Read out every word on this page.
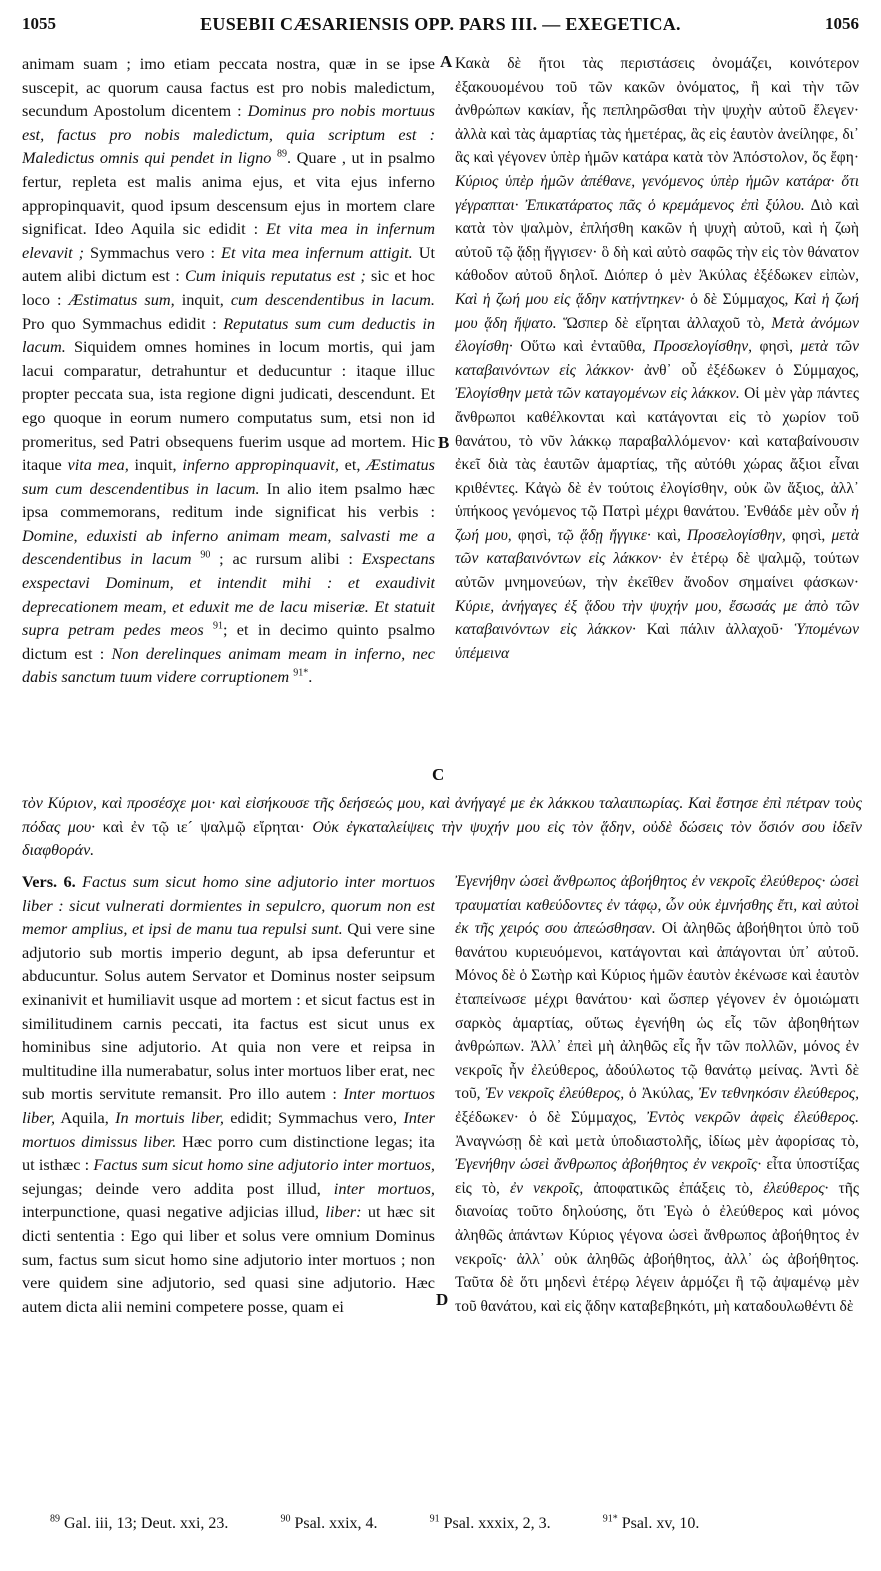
1055	EUSEBII CÆSARIENSIS OPP. PARS III. — EXEGETICA.	1056
A
B
C
D
animam suam ; imo etiam peccata nostra, quæ in se ipse suscepit, ac quorum causa factus est pro nobis maledictum, secundum Apostolum dicentem : Dominus pro nobis mortuus est, factus pro nobis maledictum, quia scriptum est : Maledictus omnis qui pendet in ligno $^{89}$. Quare , ut in psalmo fertur, repleta est malis anima ejus, et vita ejus inferno appropinquavit, quod ipsum descensum ejus in mortem clare significat. Ideo Aquila sic edidit : Et vita mea in infernum elevavit ; Symmachus vero : Et vita mea infernum attigit. Ut autem alibi dictum est : Cum iniquis reputatus est ; sic et hoc loco : Æstimatus sum, inquit, cum descendentibus in lacum. Pro quo Symmachus edidit : Reputatus sum cum deductis in lacum. Siquidem omnes homines in locum mortis, qui jam lacui comparatur, detrahuntur et deducuntur : itaque illuc propter peccata sua, ista regione digni judicati, descendunt. Et ego quoque in eorum numero computatus sum, etsi non id promeritus, sed Patri obsequens fuerim usque ad mortem. Hic itaque vita mea, inquit, inferno appropinquavit, et, Æstimatus sum cum descendentibus in lacum. In alio item psalmo hæc ipsa commemorans, reditum inde significat his verbis : Domine, eduxisti ab inferno animam meam, salvasti me a descendentibus in lacum $^{90}$ ; ac rursum alibi : Exspectans exspectavi Dominum, et intendit mihi : et exaudivit deprecationem meam, et eduxit me de lacu miseriæ. Et statuit supra petram pedes meos $^{91}$; et in decimo quinto psalmo dictum est : Non derelinques animam meam in inferno, nec dabis sanctum tuum videre corruptionem $^{91*}$.
Κακὰ δὲ ἤτοι τὰς περιστάσεις ὀνομάζει, κοινότερον ἐξακουομένου τοῦ τῶν κακῶν ὀνόματος, ἢ καὶ τὴν τῶν ἀνθρώπων κακίαν, ἧς πεπληρῶσθαι τὴν ψυχὴν αὐτοῦ ἔλεγεν· ἀλλὰ καὶ τὰς ἁμαρτίας τὰς ἡμετέρας, ἃς εἰς ἑαυτὸν ἀνείληφε, δι᾽ ἃς καὶ γέγονεν ὑπὲρ ἡμῶν κατάρα κατὰ τὸν Ἀπόστολον, ὅς ἔφη· Κύριος ὑπὲρ ἡμῶν ἀπέθανε, γενόμενος ὑπὲρ ἡμῶν κατάρα· ὅτι γέγραπται· Ἐπικατάρατος πᾶς ὁ κρεμάμενος ἐπὶ ξύλου. Διὸ καὶ κατὰ τὸν ψαλμὸν, ἐπλήσθη κακῶν ἡ ψυχὴ αὐτοῦ, καὶ ἡ ζωὴ αὐτοῦ τῷ ᾅδῃ ἤγγισεν· ὃ δὴ καὶ αὐτὸ σαφῶς τὴν εἰς τὸν θάνατον κάθοδον αὐτοῦ δηλοῖ. Διόπερ ὁ μὲν Ἀκύλας ἐξέδωκεν εἰπὼν, Καὶ ἡ ζωή μου εἰς ᾅδην κατήντηκεν· ὁ δὲ Σύμμαχος, Καὶ ἡ ζωή μου ᾅδη ἥψατο. Ὥσπερ δὲ εἴρηται ἀλλαχοῦ τὸ, Μετὰ ἀνόμων ἐλογίσθη· Οὕτω καὶ ἐνταῦθα, Προσελογίσθην, φησὶ, μετὰ τῶν καταβαινόντων εἰς λάκκον· ἀνθ᾽ οὗ ἐξέδωκεν ὁ Σύμμαχος, Ἐλογίσθην μετὰ τῶν κατaγομένων εἰς λάκκον. Οἱ μὲν γὰρ πάντες ἄνθρωποι καθέλκονται καὶ κατάγονται εἰς τὸ χωρίον τοῦ θανάτου, τὸ νῦν λάκκῳ παραβαλλόμενον· καὶ καταβαίνουσιν ἐκεῖ διὰ τὰς ἑαυτῶν ἁμαρτίας, τῆς αὐτόθι χώρας ἄξιοι εἶναι κριθέντες. Κἀγὼ δὲ ἐν τούτοις ἐλογίσθην, οὐκ ὢν ἄξιος, ἀλλ᾽ ὑπήκοος γενόμενος τῷ Πατρὶ μέχρι θανάτου. Ἐνθάδε μὲν οὖν ἡ ζωή μου, φησὶ, τῷ ᾅδῃ ἤγγικε· καὶ, Προσελογίσθην, φησὶ, μετὰ τῶν καταβαινόντων εἰς λάκκον· ἐν ἑτέρῳ δὲ ψαλμῷ, τούτων αὐτῶν μνημονεύων, τὴν ἐκεῖθεν ἄνοδον σημαίνει φάσκων· Κύριε, ἀνήγαγες ἐξ ᾅδου τὴν ψυχήν μου, ἔσωσάς με ἀπὸ τῶν καταβαινόντων εἰς λάκκον· Καὶ πάλιν ἀλλαχοῦ· Ὑπομένων ὑπέμεινα
τὸν Κύριον, καὶ προσέσχε μοι· καὶ εἰσήκουσε τῆς δεήσεώς μου, καὶ ἀνήγαγέ με ἐκ λάκκου ταλαιπωρίας. Καὶ ἔστησε ἐπὶ πέτραν τοὺς πόδας μου· καὶ ἐν τῷ ιε´ ψαλμῷ εἴρηται· Οὐκ ἐγκαταλείψεις τὴν ψυχήν μου εἰς τὸν ᾅδην, οὐδὲ δώσεις τὸν ὅσιόν σου ἰδεῖν διαφθοράν.
Vers. 6. Factus sum sicut homo sine adjutorio inter mortuos liber : sicut vulnerati dormientes in sepulcro, quorum non est memor amplius, et ipsi de manu tua repulsi sunt. Qui vere sine adjutorio sub mortis imperio degunt, ab ipsa deferuntur et abducuntur. Solus autem Servator et Dominus noster seipsum exinanivit et humiliavit usque ad mortem : et sicut factus est in similitudinem carnis peccati, ita factus est sicut unus ex hominibus sine adjutorio. At quia non vere et reipsa in multitudine illa numerabatur, solus inter mortuos liber erat, nec sub mortis servitute remansit. Pro illo autem : Inter mortuos liber, Aquila, In mortuis liber, edidit; Symmachus vero, Inter mortuos dimissus liber. Hæc porro cum distinctione legas; ita ut isthæc : Factus sum sicut homo sine adjutorio inter mortuos, sejungas; deinde vero addita post illud, inter mortuos, interpunctione, quasi negative adjicias illud, liber: ut hæc sit dicti sententia : Ego qui liber et solus vere omnium Dominus sum, factus sum sicut homo sine adjutorio inter mortuos ; non vere quidem sine adjutorio, sed quasi sine adjutorio. Hæc autem dicta alii nemini competere posse, quam ei
Ἐγενήθην ὡσεὶ ἄνθρωπος ἀβοήθητος ἐν νεκροῖς ἐλεύθερος· ὡσεὶ τραυματίαι καθεύδοντες ἐν τάφῳ, ὧν οὐκ ἐμνήσθης ἔτι, καὶ αὐτοὶ ἐκ τῆς χειρός σου ἀπεώσθησαν. Οἱ ἀληθῶς ἀβοήθητοι ὑπὸ τοῦ θανάτου κυριευόμενοι, κατάγονται καὶ ἀπάγονται ὑπ᾽ αὐτοῦ. Μόνος δὲ ὁ Σωτὴρ καὶ Κύριος ἡμῶν ἑαυτὸν ἐκένωσε καὶ ἑαυτὸν ἐταπείνωσε μέχρι θανάτου· καὶ ὥσπερ γέγονεν ἐν ὁμοιώματι σαρκὸς ἁμαρτίας, οὕτως ἐγενήθη ὡς εἷς τῶν ἀβοηθήτων ἀνθρώπων. Ἀλλ᾽ ἐπεὶ μὴ ἀληθῶς εἷς ἦν τῶν πολλῶν, μόνος ἐν νεκροῖς ἦν ἐλεύθερος, ἀδούλωτος τῷ θανάτῳ μείνας. Ἀντὶ δὲ τοῦ, Ἐν νεκροῖς ἐλεύθερος, ὁ Ἀκύλας, Ἐν τεθνηκόσιν ἐλεύθερος, ἐξέδωκεν· ὁ δὲ Σύμμαχος, Ἐντὸς νεκρῶν ἀφεὶς ἐλεύθερος. Ἀναγνώσῃ δὲ καὶ μετὰ ὑποδιαστολῆς, ἰδίως μὲν ἀφορίσας τὸ, Ἐγενήθην ὡσεὶ ἄνθρωπος ἀβοήθητος ἐν νεκροῖς· εἶτα ὑποστίξας εἰς τὸ, ἐν νεκροῖς, ἀποφατικῶς ἐπάξεις τὸ, ἐλεύθερος· τῆς διανοίας τοῦτο δηλούσης, ὅτι Ἐγὼ ὁ ἐλεύθερος καὶ μόνος ἀληθῶς ἁπάντων Κύριος γέγονα ὡσεὶ ἄνθρωπος ἀβοήθητος ἐν νεκροῖς· ἀλλ᾽ οὐκ ἀληθῶς ἀβοήθητος, ἀλλ᾽ ὡς ἀβοήθητος. Ταῦτα δὲ ὅτι μηδενὶ ἑτέρῳ λέγειν ἁρμόζει ἢ τῷ ἀψαμένῳ μὲν τοῦ θανάτου, καὶ εἰς ᾅδην καταβεβηκότι, μὴ καταδουλωθέντι δὲ
$^{89}$ Gal. iii, 13; Deut. xxi, 23.	$^{90}$ Psal. xxix, 4.	$^{91}$ Psal. xxxix, 2, 3.	$^{91*}$ Psal. xv, 10.
